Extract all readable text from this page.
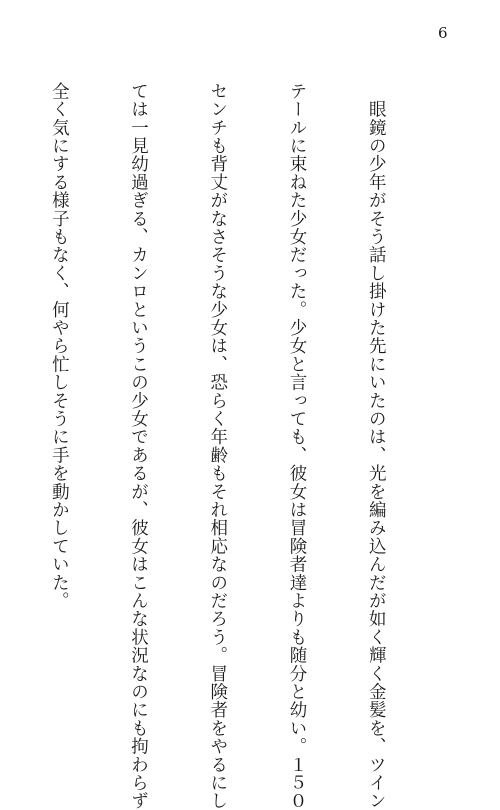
6

　眼鏡の少年がそう話し掛けた先にいたのは、光を編み込んだが如く輝く金髪を、ツイン

テールに束ねた少女だった。少女と言っても、彼女は冒険者達よりも随分と幼い。１５０

センチも背丈がなさそうな少女は、恐らく年齢もそれ相応なのだろう。冒険者をやるにし

ては一見幼過ぎる、カンロというこの少女であるが、彼女はこんな状況なのにも拘わらず

全く気にする様子もなく、何やら忙しそうに手を動かしていた。
